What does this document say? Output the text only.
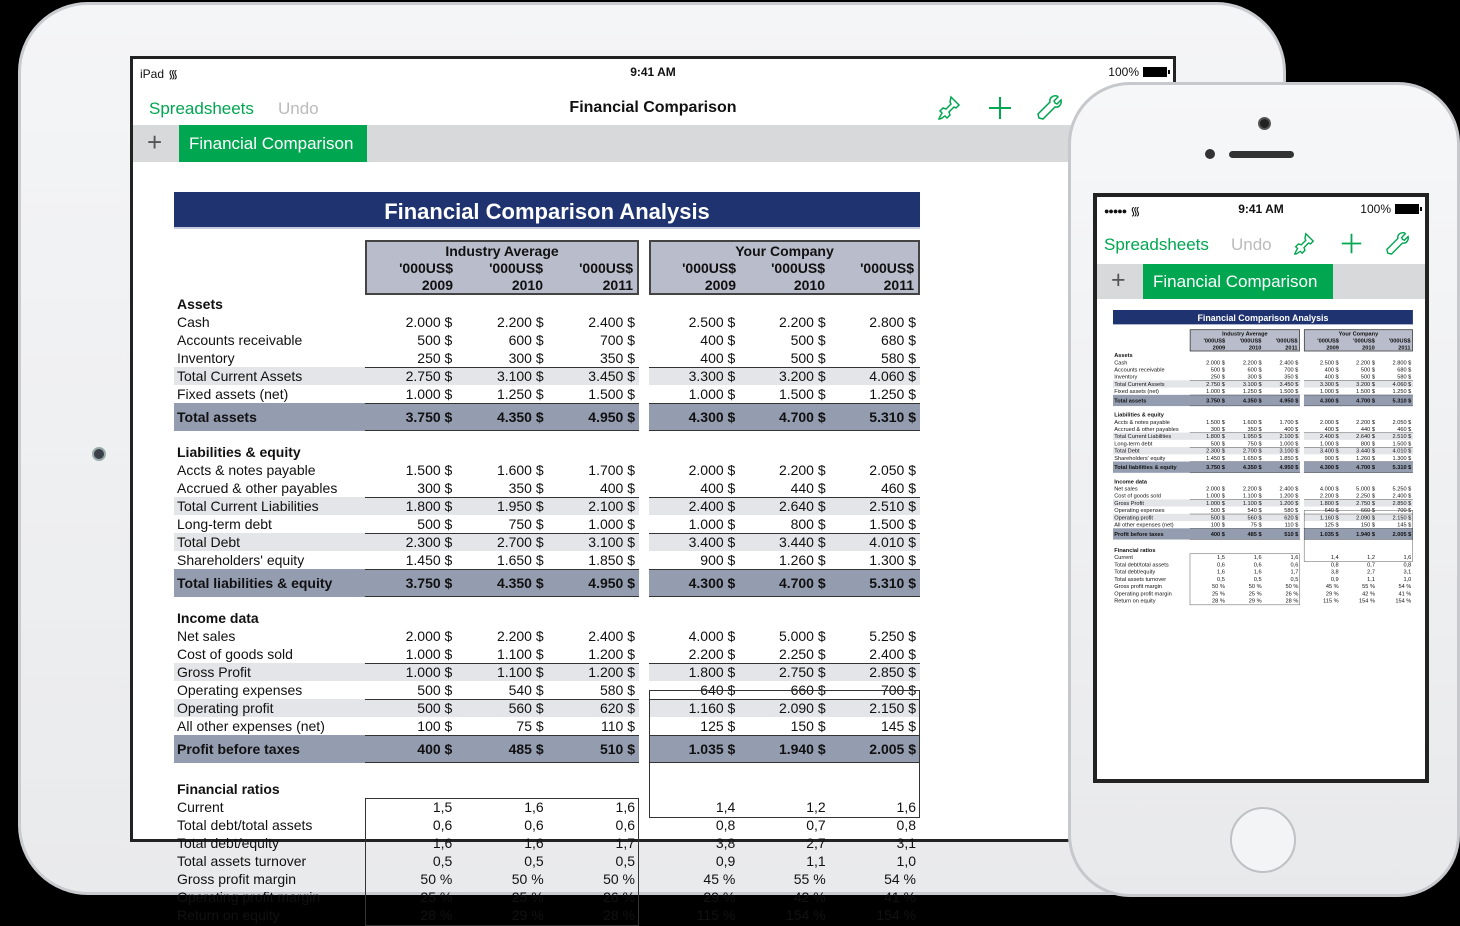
iPad ᯾	9:41 AM	100%
Spreadsheets Undo	Financial Comparison
+	Financial Comparison
Financial Comparison Analysis
Industry Average
'000US$	'000US$	'000US$
2009	2010	2011
Your Company
'000US$	'000US$	'000US$
2009	2010	2011
Assets
Cash	2.000 $	2.200 $	2.400 $	2.500 $	2.200 $	2.800 $
Accounts receivable	500 $	600 $	700 $	400 $	500 $	680 $
Inventory	250 $	300 $	350 $	400 $	500 $	580 $
Total Current Assets	2.750 $	3.100 $	3.450 $	3.300 $	3.200 $	4.060 $
Fixed assets (net)	1.000 $	1.250 $	1.500 $	1.000 $	1.500 $	1.250 $
Total assets	3.750 $	4.350 $	4.950 $	4.300 $	4.700 $	5.310 $
Liabilities & equity
Accts & notes payable	1.500 $	1.600 $	1.700 $	2.000 $	2.200 $	2.050 $
Accrued & other payables	300 $	350 $	400 $	400 $	440 $	460 $
Total Current Liabilities	1.800 $	1.950 $	2.100 $	2.400 $	2.640 $	2.510 $
Long-term debt	500 $	750 $	1.000 $	1.000 $	800 $	1.500 $
Total Debt	2.300 $	2.700 $	3.100 $	3.400 $	3.440 $	4.010 $
Shareholders' equity	1.450 $	1.650 $	1.850 $	900 $	1.260 $	1.300 $
Total liabilities & equity	3.750 $	4.350 $	4.950 $	4.300 $	4.700 $	5.310 $
Income data
Net sales	2.000 $	2.200 $	2.400 $	4.000 $	5.000 $	5.250 $
Cost of goods sold	1.000 $	1.100 $	1.200 $	2.200 $	2.250 $	2.400 $
Gross Profit	1.000 $	1.100 $	1.200 $	1.800 $	2.750 $	2.850 $
Operating expenses	500 $	540 $	580 $	640 $	660 $	700 $
Operating profit	500 $	560 $	620 $	1.160 $	2.090 $	2.150 $
All other expenses (net)	100 $	75 $	110 $	125 $	150 $	145 $
Profit before taxes	400 $	485 $	510 $	1.035 $	1.940 $	2.005 $
Financial ratios
Current	1,5	1,6	1,6	1,4	1,2	1,6
Total debt/total assets	0,6	0,6	0,6	0,8	0,7	0,8
Total debt/equity	1,6	1,6	1,7	3,8	2,7	3,1
Total assets turnover	0,5	0,5	0,5	0,9	1,1	1,0
Gross profit margin	50 %	50 %	50 %	45 %	55 %	54 %
Operating profit margin	25 %	25 %	26 %	29 %	42 %	41 %
Return on equity	28 %	29 %	28 %	115 %	154 %	154 %
●●●●● ᯾	9:41 AM	100%
Spreadsheets Undo
+	Financial Comparison
Financial Comparison Analysis
Industry Average
'000US$	'000US$	'000US$
2009	2010	2011
Your Company
'000US$	'000US$	'000US$
2009	2010	2011
Assets
Cash	2.000 $	2.200 $	2.400 $	2.500 $	2.200 $	2.800 $
Accounts receivable	500 $	600 $	700 $	400 $	500 $	680 $
Inventory	250 $	300 $	350 $	400 $	500 $	580 $
Total Current Assets	2.750 $	3.100 $	3.450 $	3.300 $	3.200 $	4.060 $
Fixed assets (net)	1.000 $	1.250 $	1.500 $	1.000 $	1.500 $	1.250 $
Total assets	3.750 $	4.350 $	4.950 $	4.300 $	4.700 $	5.310 $
Liabilities & equity
Accts & notes payable	1.500 $	1.600 $	1.700 $	2.000 $	2.200 $	2.050 $
Accrued & other payables	300 $	350 $	400 $	400 $	440 $	460 $
Total Current Liabilities	1.800 $	1.950 $	2.100 $	2.400 $	2.640 $	2.510 $
Long-term debt	500 $	750 $	1.000 $	1.000 $	800 $	1.500 $
Total Debt	2.300 $	2.700 $	3.100 $	3.400 $	3.440 $	4.010 $
Shareholders' equity	1.450 $	1.650 $	1.850 $	900 $	1.260 $	1.300 $
Total liabilities & equity	3.750 $	4.350 $	4.950 $	4.300 $	4.700 $	5.310 $
Income data
Net sales	2.000 $	2.200 $	2.400 $	4.000 $	5.000 $	5.250 $
Cost of goods sold	1.000 $	1.100 $	1.200 $	2.200 $	2.250 $	2.400 $
Gross Profit	1.000 $	1.100 $	1.200 $	1.800 $	2.750 $	2.850 $
Operating expenses	500 $	540 $	580 $	640 $	660 $	700 $
Operating profit	500 $	560 $	620 $	1.160 $	2.090 $	2.150 $
All other expenses (net)	100 $	75 $	110 $	125 $	150 $	145 $
Profit before taxes	400 $	485 $	510 $	1.035 $	1.940 $	2.005 $
Financial ratios
Current	1,5	1,6	1,6	1,4	1,2	1,6
Total debt/total assets	0,6	0,6	0,6	0,8	0,7	0,8
Total debt/equity	1,6	1,6	1,7	3,8	2,7	3,1
Total assets turnover	0,5	0,5	0,5	0,9	1,1	1,0
Gross profit margin	50 %	50 %	50 %	45 %	55 %	54 %
Operating profit margin	25 %	25 %	26 %	29 %	42 %	41 %
Return on equity	28 %	29 %	28 %	115 %	154 %	154 %
